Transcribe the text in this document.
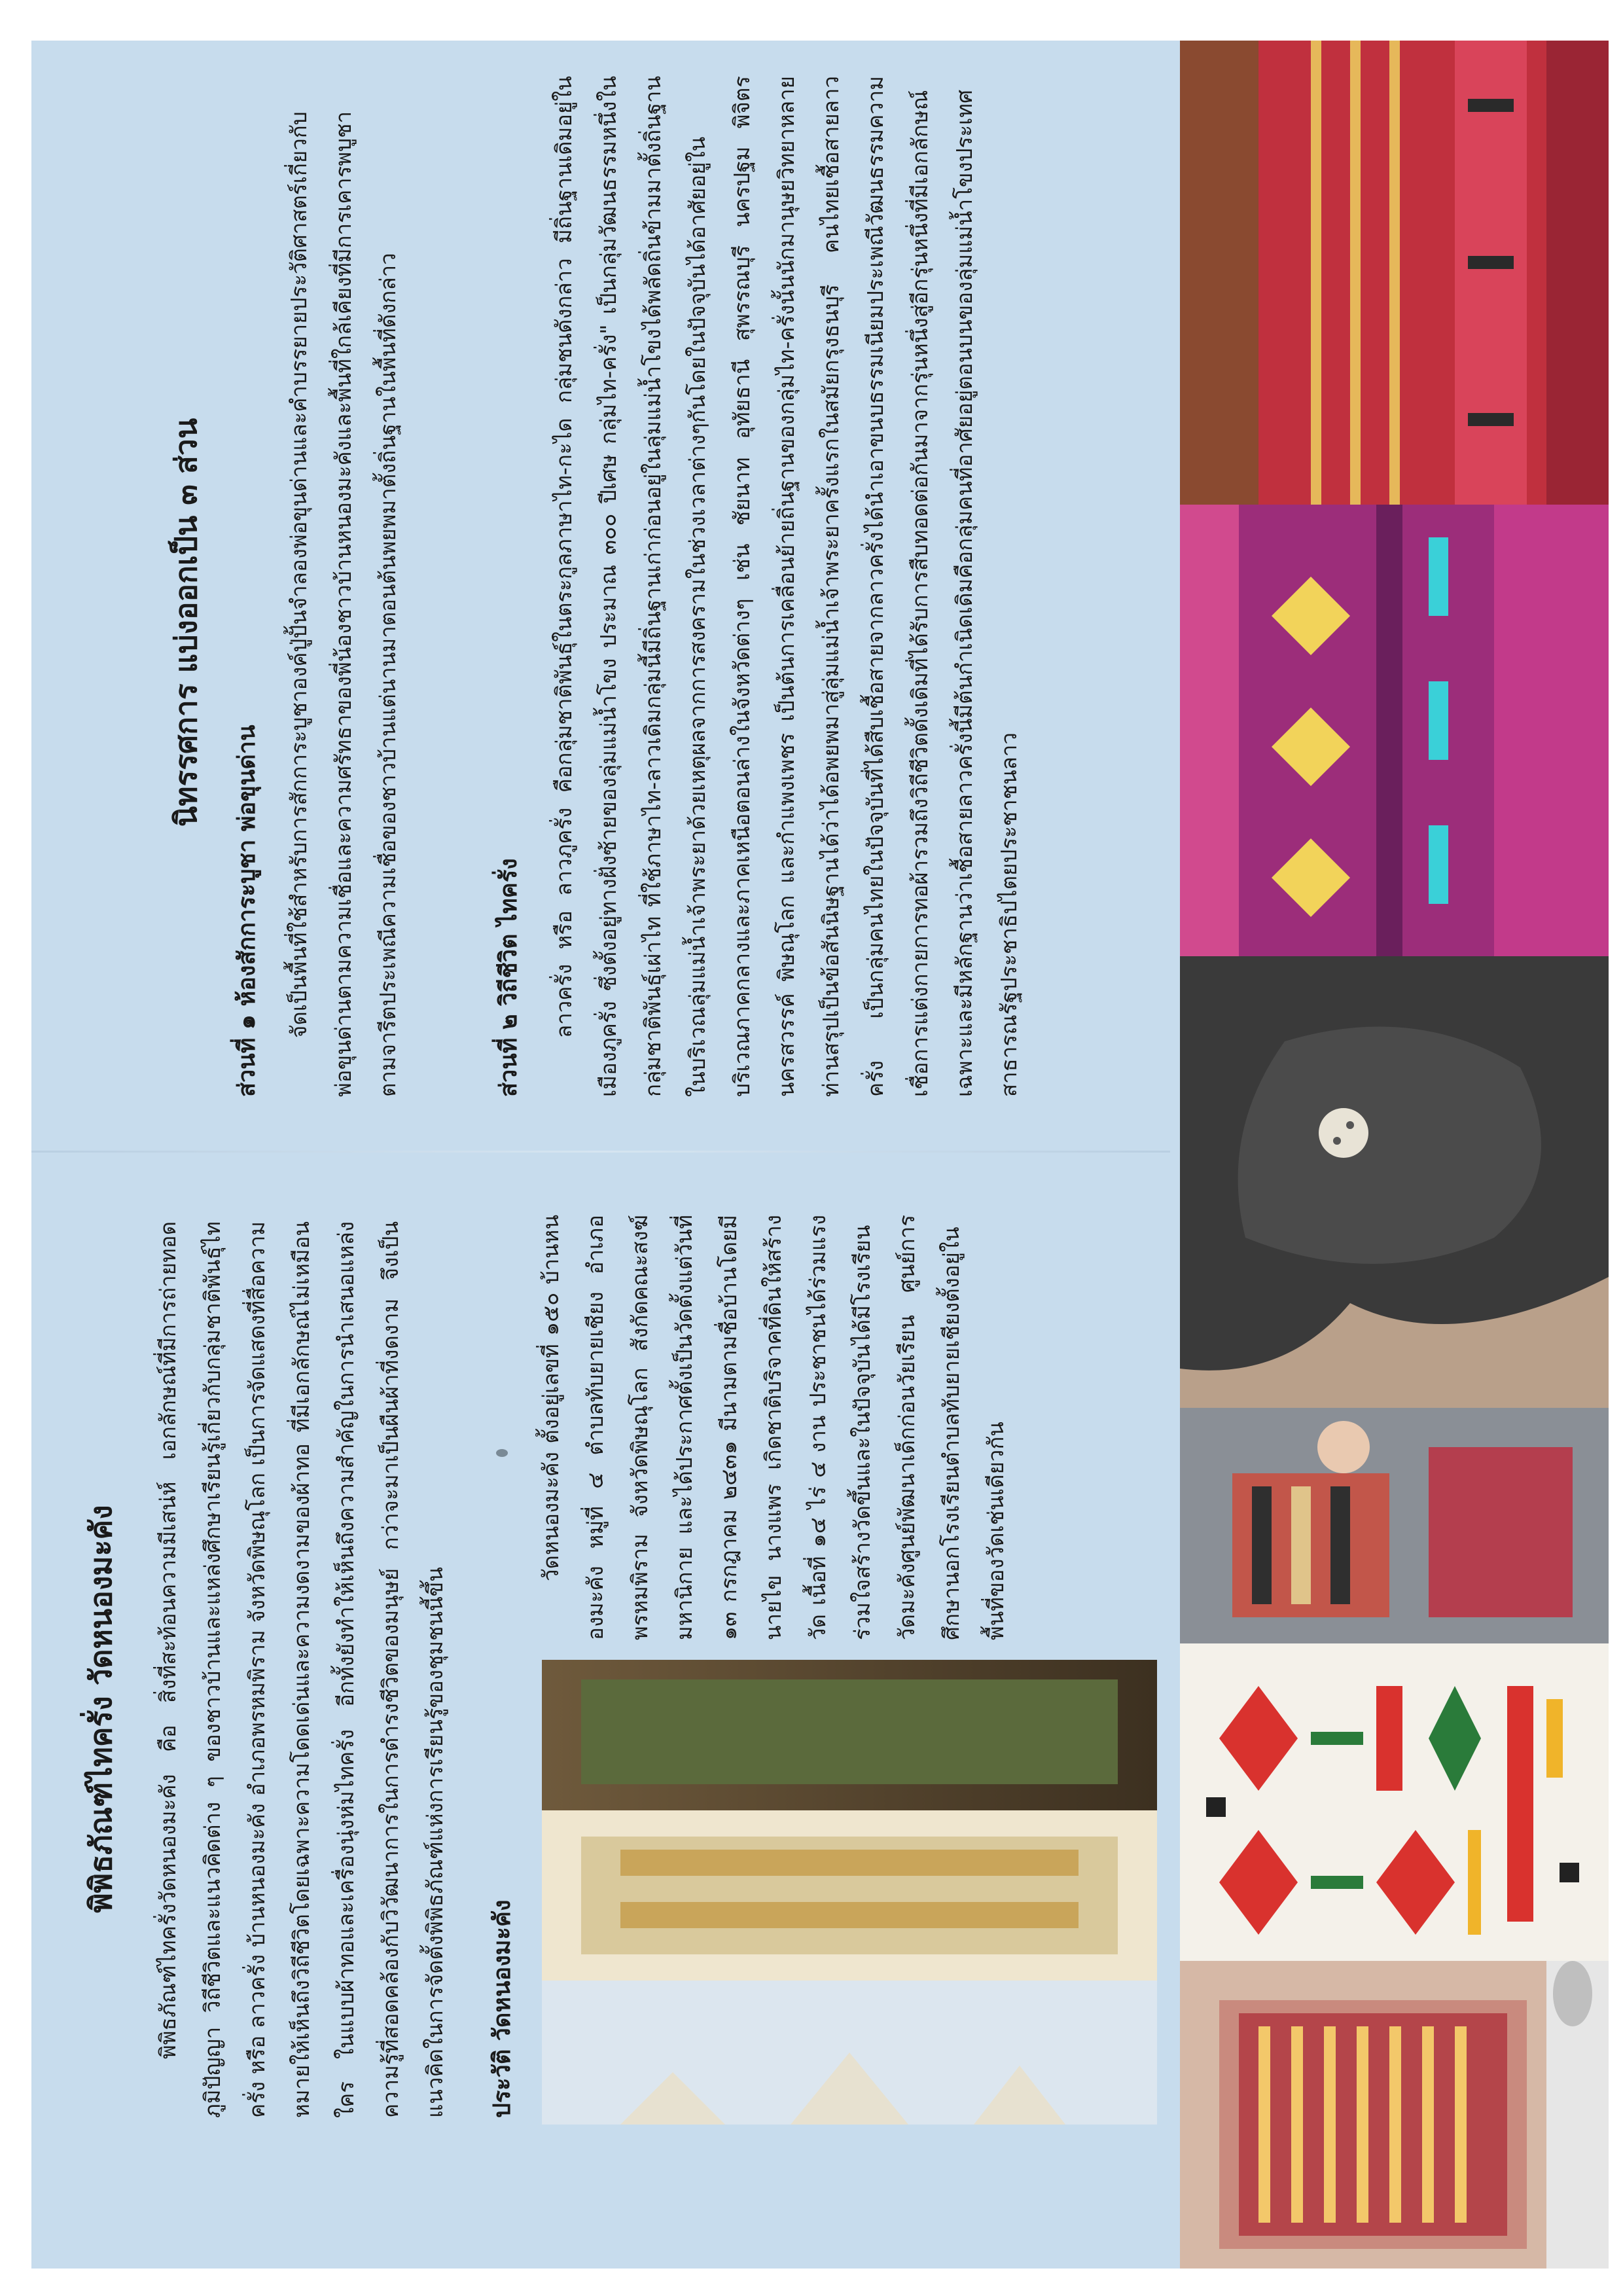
พิพิธภัณฑ์ไทครั่ง วัดหนองมะคัง	พิพิธภัณฑ์ไทครั่งวัดหนองมะคัง คือ สิ่งที่สะท้อนความมีเสน่ห์ เอกลักษณ์ที่มีการถ่ายทอดภูมิปัญญา วิถีชีวิตและแนวคิดต่าง ๆ ของชาวบ้านและแหล่งศึกษาเรียนรู้เกี่ยวกับกลุ่มชาติพันธุ์ไทครั่ง หรือ ลาวครั่ง บ้านหนองมะคัง อำเภอพรหมพิราม จังหวัดพิษณุโลก เป็นการจัดแสดงที่สื่อความหมายให้เห็นถึงวิถีชีวิตโดยเฉพาะความโดดเด่นและความงดงามของผ้าทอ ที่มีเอกลักษณ์ไม่เหมือนใคร ในแบบผ้าทอและเครื่องนุ่งห่มไทครั่ง อีกทั้งยังทำให้เห็นถึงความสำคัญในการนำเสนอแหล่งความรู้ที่สอดคล้องกับวิวัฒนาการในการดำรงชีวิตของมนุษย์ กว่าจะมาเป็นผืนผ้าที่งดงาม จึงเป็นแนวคิดในการจัดตั้งพิพิธภัณฑ์แห่งการเรียนรู้ของชุมชนนี้ขึ้น	ประวัติ วัดหนองมะคัง

วัดหนองมะคัง ตั้งอยู่เลขที่ ๑๕๐ บ้านหนองมะคัง หมู่ที่ ๔ ตำบลทับยายเชียง อำเภอพรหมพิราม จังหวัดพิษณุโลก สังกัดคณะสงฆ์มหานิกาย และได้ประกาศตั้งเป็นวัดตั้งแต่วันที่ ๑๓ กรกฎาคม ๒๔๓๑ มีนามตามชื่อบ้านโดยมี นายไข นางแพร เกิดชาติบริจาคที่ดินให้สร้างวัด เนื้อที่ ๑๔ ไร่ ๔ งาน ประชาชนได้ร่วมแรงร่วมใจสร้างวัดขึ้นและในปัจจุบันได้มีโรงเรียนวัดมะคังศูนย์พัฒนาเด็กก่อนวัยเรียน ศูนย์การศึกษานอกโรงเรียนตำบลทับยายเชียงตั้งอยู่ในพื้นที่ของวัดเช่นเดียวกัน

นิทรรศการ แบ่งออกเป็น ๓ ส่วน
ส่วนที่ ๑ ห้องสักการะบูชา พ่อขุนด่าน	จัดเป็นพื้นที่ใช้สำหรับการสักการะบูชาองค์ปู่ปั้นจำลองพ่อขุนด่านและคำบรรยายประวัติศาสตร์เกี่ยวกับพ่อขุนด่านตามความเชื่อและความศรัทธาของพี่น้องชาวบ้านหนองมะคังและพื้นที่ใกล้เคียงที่มีการเคารพบูชาตามจารีตประเพณีความเชื่อของชาวบ้านแต่นานมาตอนต้นพยพมาตั้งถิ่นฐานในพื้นที่ดังกล่าว	ส่วนที่ ๒ วิถีชีวิต ไทครั่ง	ลาวครั่ง หรือ ลาวภูครั่ง คือกลุ่มชาติพันธุ์ในตระกูลภาษาไท-กะได กลุ่มชนดังกล่าว มีถิ่นฐานเดิมอยู่ในเมืองภูครั่ง ซึ่งตั้งอยู่ทางฝั่งซ้ายของลุ่มแม่น้ำโขง ประมาณ ๓๐๐ ปีเศษ กลุ่มไท-ครั่ง" เป็นกลุ่มวัฒนธรรมหนึ่งในกลุ่มชาติพันธุ์เผ่าไท ที่ใช้ภาษาไท-ลาวเดิมกลุ่มนี้มีถิ่นฐานเก่าก่อนอยู่ในลุ่มแม่น้ำโขงได้พลัดถิ่นข้ามมาตั้งถิ่นฐานในบริเวณลุ่มแม่น้ำเจ้าพระยาด้วยเหตุผลจากการสงครามในช่วงเวลาต่างๆกันโดยในปัจจุบันได้อาศัยอยู่ในบริเวณภาคกลางและภาคเหนือตอนล่างในจังหวัดต่างๆ เช่น ชัยนาท อุทัยธานี สุพรรณบุรี นครปฐม พิจิตร นครสวรรค์ พิษณุโลก และกำแพงเพชร เป็นต้นการเคลื่อนย้ายถิ่นฐานของกลุ่มไท-ครั่งนั้นนักมานุษยวิทยาหลายท่านสรุปเป็นข้อสันนิษฐานได้ว่าได้อพยพมาสู่ลุ่มแม่น้ำเจ้าพระยาครั้งแรกในสมัยกรุงธนบุรี คนไทยเชื้อสายลาวครั่ง เป็นกลุ่มคนไทยในปัจจุบันที่ได้สืบเชื้อสายจากลาวครั่งได้นำเอาขนบธรรมเนียมประเพณีวัฒนธรรมความเชื่อการแต่งกายการทอผ้ารวมถึงวิถีชีวิตดั้งเดิมที่ได้รับการสืบทอดต่อกันมาจากรุ่นหนึ่งสู่อีกรุ่นหนึ่งที่มีเอกลักษณ์เฉพาะและมีหลักฐานว่าเชื้อสายลาวครั่งนี้มีต้นกำเนิดเดิมคือกลุ่มคนที่อาศัยอยู่ตอนบนของลุ่มแม่น้ำโขงประเทศสาธารณรัฐประชาธิปไตยประชาชนลาว
